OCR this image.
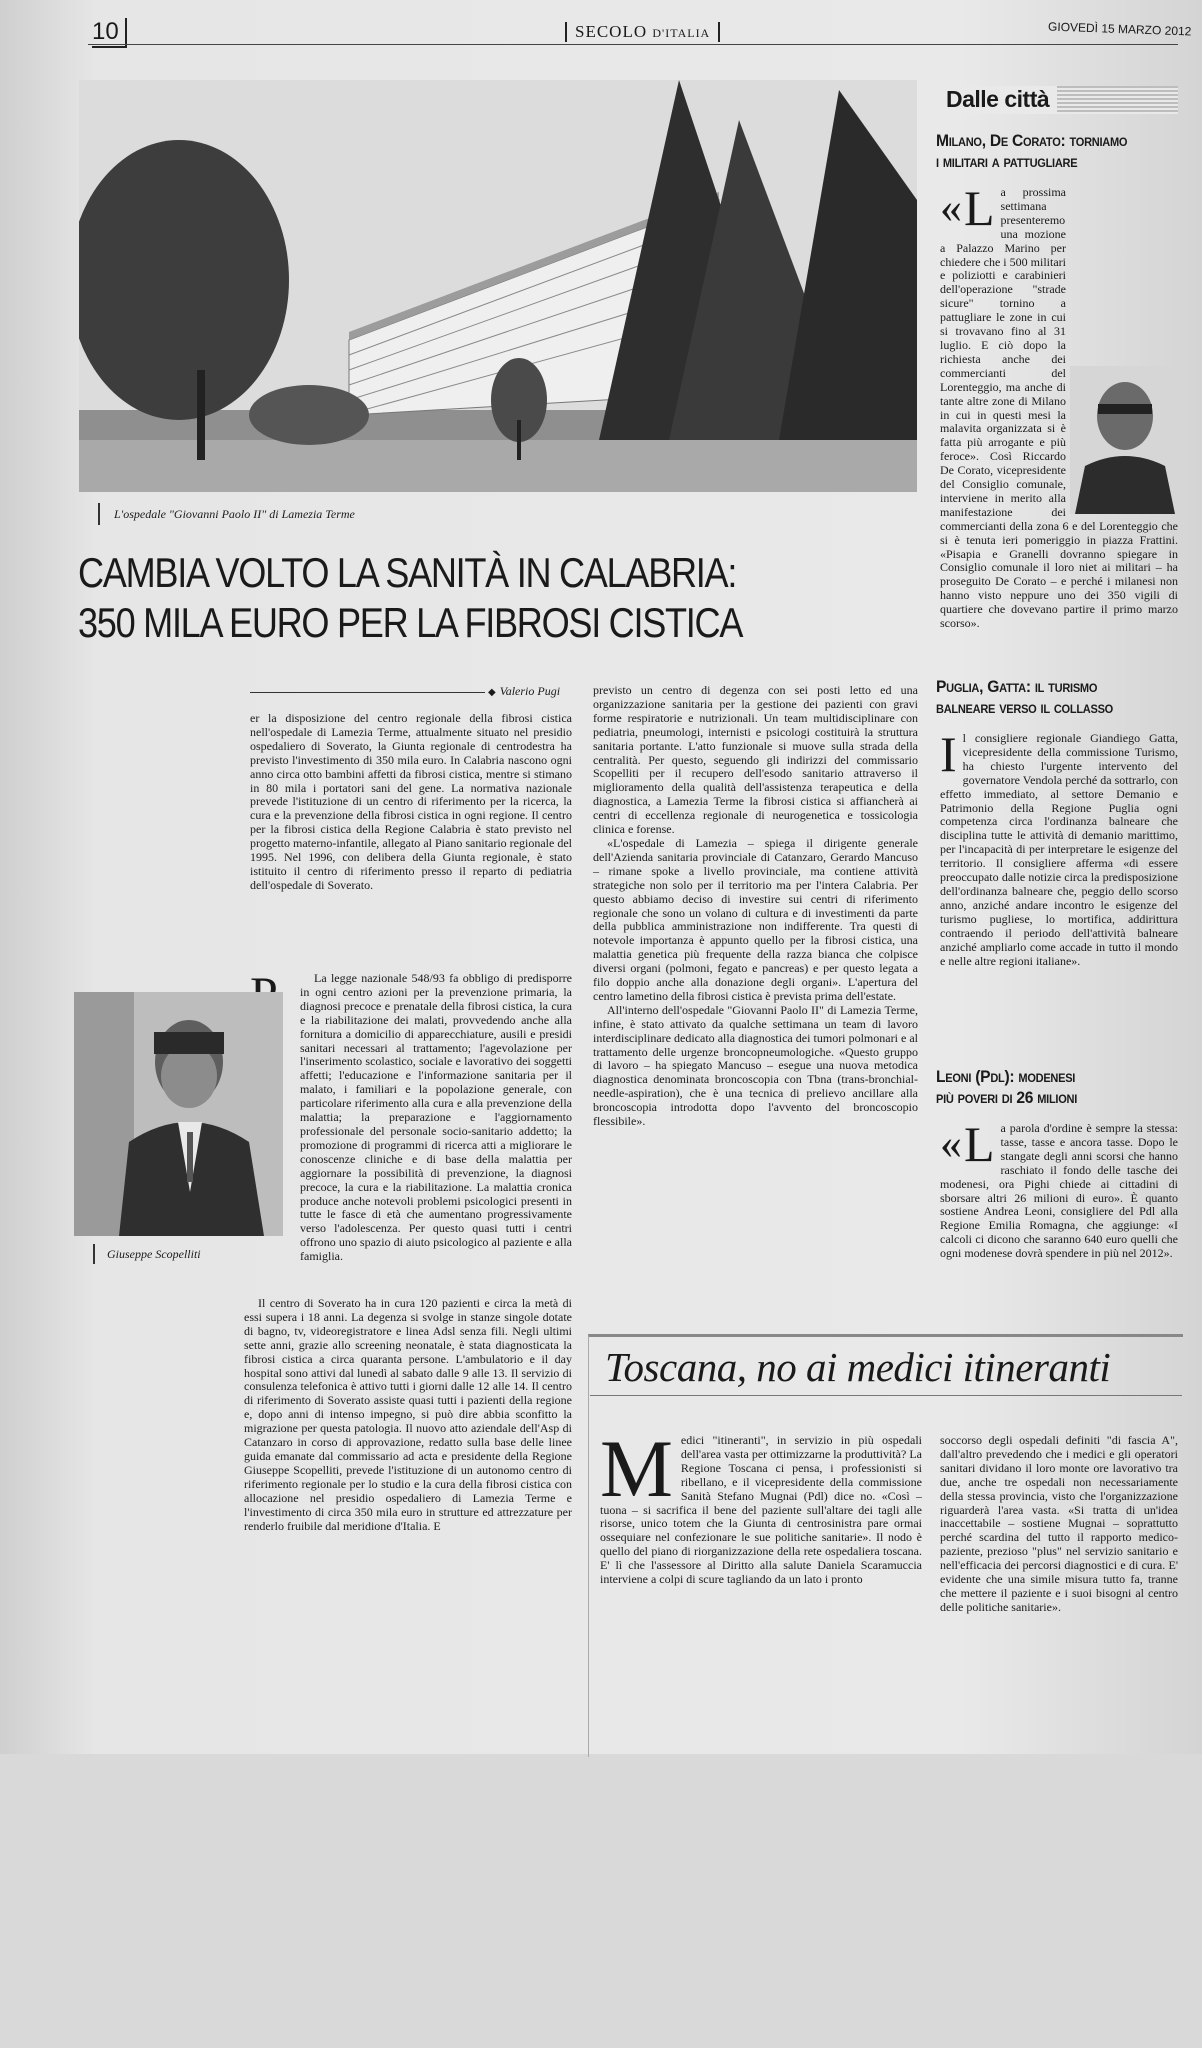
10	SECOLO D'ITALIA	GIOVEDÌ 15 MARZO 2012
L'ospedale "Giovanni Paolo II" di Lamezia Terme
CAMBIA VOLTO LA SANITÀ IN CALABRIA:
350 MILA EURO PER LA FIBROSI CISTICA
◆ Valerio Pugi

er la disposizione del centro regionale della fibrosi cistica nell'ospedale di Lamezia Terme, attualmente situato nel presidio ospedaliero di Soverato, la Giunta regionale di centrodestra ha previsto l'investimento di 350 mila euro. In Calabria nascono ogni anno circa otto bambini affetti da fibrosi cistica, mentre si stimano in 80 mila i portatori sani del gene. La normativa nazionale prevede l'istituzione di un centro di riferimento per la ricerca, la cura e la prevenzione della fibrosi cistica in ogni regione. Il centro per la fibrosi cistica della Regione Calabria è stato previsto nel progetto materno-infantile, allegato al Piano sanitario regionale del 1995. Nel 1996, con delibera della Giunta regionale, è stato istituito il centro di riferimento presso il reparto di pediatria dell'ospedale di Soverato.

La legge nazionale 548/93 fa obbligo di predisporre in ogni centro azioni per la prevenzione primaria, la diagnosi precoce e prenatale della fibrosi cistica, la cura e la riabilitazione dei malati, provvedendo anche alla fornitura a domicilio di apparecchiature, ausili e presidi sanitari necessari al trattamento; l'agevolazione per l'inserimento scolastico, sociale e lavorativo dei soggetti affetti; l'educazione e l'informazione sanitaria per il malato, i familiari e la popolazione generale, con particolare riferimento alla cura e alla prevenzione della malattia; la preparazione e l'aggiornamento professionale del personale socio-sanitario addetto; la promozione di programmi di ricerca atti a migliorare le conoscenze cliniche e di base della malattia per aggiornare la possibilità di prevenzione, la diagnosi precoce, la cura e la riabilitazione. La malattia cronica produce anche notevoli problemi psicologici presenti in tutte le fasce di età che aumentano progressivamente verso l'adolescenza. Per questo quasi tutti i centri offrono uno spazio di aiuto psicologico al paziente e alla famiglia.

Il centro di Soverato ha in cura 120 pazienti e circa la metà di essi supera i 18 anni. La degenza si svolge in stanze singole dotate di bagno, tv, videoregistratore e linea Adsl senza fili. Negli ultimi sette anni, grazie allo screening neonatale, è stata diagnosticata la fibrosi cistica a circa quaranta persone. L'ambulatorio e il day hospital sono attivi dal lunedì al sabato dalle 9 alle 13. Il servizio di consulenza telefonica è attivo tutti i giorni dalle 12 alle 14. Il centro di riferimento di Soverato assiste quasi tutti i pazienti della regione e, dopo anni di intenso impegno, si può dire abbia sconfitto la migrazione per questa patologia. Il nuovo atto aziendale dell'Asp di Catanzaro in corso di approvazione, redatto sulla base delle linee guida emanate dal commissario ad acta e presidente della Regione Giuseppe Scopelliti, prevede l'istituzione di un autonomo centro di riferimento regionale per lo studio e la cura della fibrosi cistica con allocazione nel presidio ospedaliero di Lamezia Terme e l'investimento di circa 350 mila euro in strutture ed attrezzature per renderlo fruibile dal meridione d'Italia. E

Giuseppe Scopelliti

previsto un centro di degenza con sei posti letto ed una organizzazione sanitaria per la gestione dei pazienti con gravi forme respiratorie e nutrizionali. Un team multidisciplinare con pediatria, pneumologi, internisti e psicologi costituirà la struttura sanitaria portante. L'atto funzionale si muove sulla strada della centralità. Per questo, seguendo gli indirizzi del commissario Scopelliti per il recupero dell'esodo sanitario attraverso il miglioramento della qualità dell'assistenza terapeutica e della diagnostica, a Lamezia Terme la fibrosi cistica si affiancherà ai centri di eccellenza regionale di neurogenetica e tossicologia clinica e forense.

«L'ospedale di Lamezia – spiega il dirigente generale dell'Azienda sanitaria provinciale di Catanzaro, Gerardo Mancuso – rimane spoke a livello provinciale, ma contiene attività strategiche non solo per il territorio ma per l'intera Calabria. Per questo abbiamo deciso di investire sui centri di riferimento regionale che sono un volano di cultura e di investimenti da parte della pubblica amministrazione non indifferente. Tra questi di notevole importanza è appunto quello per la fibrosi cistica, una malattia genetica più frequente della razza bianca che colpisce diversi organi (polmoni, fegato e pancreas) e per questo legata a filo doppio anche alla donazione degli organi». L'apertura del centro lametino della fibrosi cistica è prevista prima dell'estate.

All'interno dell'ospedale "Giovanni Paolo II" di Lamezia Terme, infine, è stato attivato da qualche settimana un team di lavoro interdisciplinare dedicato alla diagnostica dei tumori polmonari e al trattamento delle urgenze broncopneumologiche. «Questo gruppo di lavoro – ha spiegato Mancuso – esegue una nuova metodica diagnostica denominata broncoscopia con Tbna (trans-bronchial-needle-aspiration), che è una tecnica di prelievo ancillare alla broncoscopia introdotta dopo l'avvento del broncoscopio flessibile».

Dalle città
Milano, De Corato: torniamo
i militari a pattugliare
« L a prossima settimana presenteremo una mozione a Palazzo Marino per chiedere che i 500 militari e poliziotti e carabinieri dell'operazione "strade sicure" tornino a pattugliare le zone in cui si trovavano fino al 31 luglio. E ciò dopo la richiesta anche dei commercianti del Lorenteggio, ma anche di tante altre zone di Milano in cui in questi mesi la malavita organizzata si è fatta più arrogante e più feroce». Così Riccardo De Corato, vicepresidente del Consiglio comunale, interviene in merito alla manifestazione dei commercianti della zona 6 e del Lorenteggio che si è tenuta ieri pomeriggio in piazza Frattini. «Pisapia e Granelli dovranno spiegare in Consiglio comunale il loro niet ai militari – ha proseguito De Corato – e perché i milanesi non hanno visto neppure uno dei 350 vigili di quartiere che dovevano partire il primo marzo scorso».

Puglia, Gatta: il turismo
balneare verso il collasso
I l consigliere regionale Giandiego Gatta, vicepresidente della commissione Turismo, ha chiesto l'urgente intervento del governatore Vendola perché da sottrarlo, con effetto immediato, al settore Demanio e Patrimonio della Regione Puglia ogni competenza circa l'ordinanza balneare che disciplina tutte le attività di demanio marittimo, per l'incapacità di per interpretare le esigenze del territorio. Il consigliere afferma «di essere preoccupato dalle notizie circa la predisposizione dell'ordinanza balneare che, peggio dello scorso anno, anziché andare incontro le esigenze del turismo pugliese, lo mortifica, addirittura contraendo il periodo dell'attività balneare anziché ampliarlo come accade in tutto il mondo e nelle altre regioni italiane».

Leoni (Pdl): modenesi
più poveri di 26 milioni
« L a parola d'ordine è sempre la stessa: tasse, tasse e ancora tasse. Dopo le stangate degli anni scorsi che hanno raschiato il fondo delle tasche dei modenesi, ora Pighi chiede ai cittadini di sborsare altri 26 milioni di euro». È quanto sostiene Andrea Leoni, consigliere del Pdl alla Regione Emilia Romagna, che aggiunge: «I calcoli ci dicono che saranno 640 euro quelli che ogni modenese dovrà spendere in più nel 2012».

Toscana, no ai medici itineranti
M edici "itineranti", in servizio in più ospedali dell'area vasta per ottimizzarne la produttività? La Regione Toscana ci pensa, i professionisti si ribellano, e il vicepresidente della commissione Sanità Stefano Mugnai (Pdl) dice no. «Così – tuona – si sacrifica il bene del paziente sull'altare dei tagli alle risorse, unico totem che la Giunta di centrosinistra pare ormai ossequiare nel confezionare le sue politiche sanitarie». Il nodo è quello del piano di riorganizzazione della rete ospedaliera toscana. E' lì che l'assessore al Diritto alla salute Daniela Scaramuccia interviene a colpi di scure tagliando da un lato i pronto

soccorso degli ospedali definiti "di fascia A", dall'altro prevedendo che i medici e gli operatori sanitari dividano il loro monte ore lavorativo tra due, anche tre ospedali non necessariamente della stessa provincia, visto che l'organizzazione riguarderà l'area vasta. «Si tratta di un'idea inaccettabile – sostiene Mugnai – soprattutto perché scardina del tutto il rapporto medico-paziente, prezioso "plus" nel servizio sanitario e nell'efficacia dei percorsi diagnostici e di cura. E' evidente che una simile misura tutto fa, tranne che mettere il paziente e i suoi bisogni al centro delle politiche sanitarie».
